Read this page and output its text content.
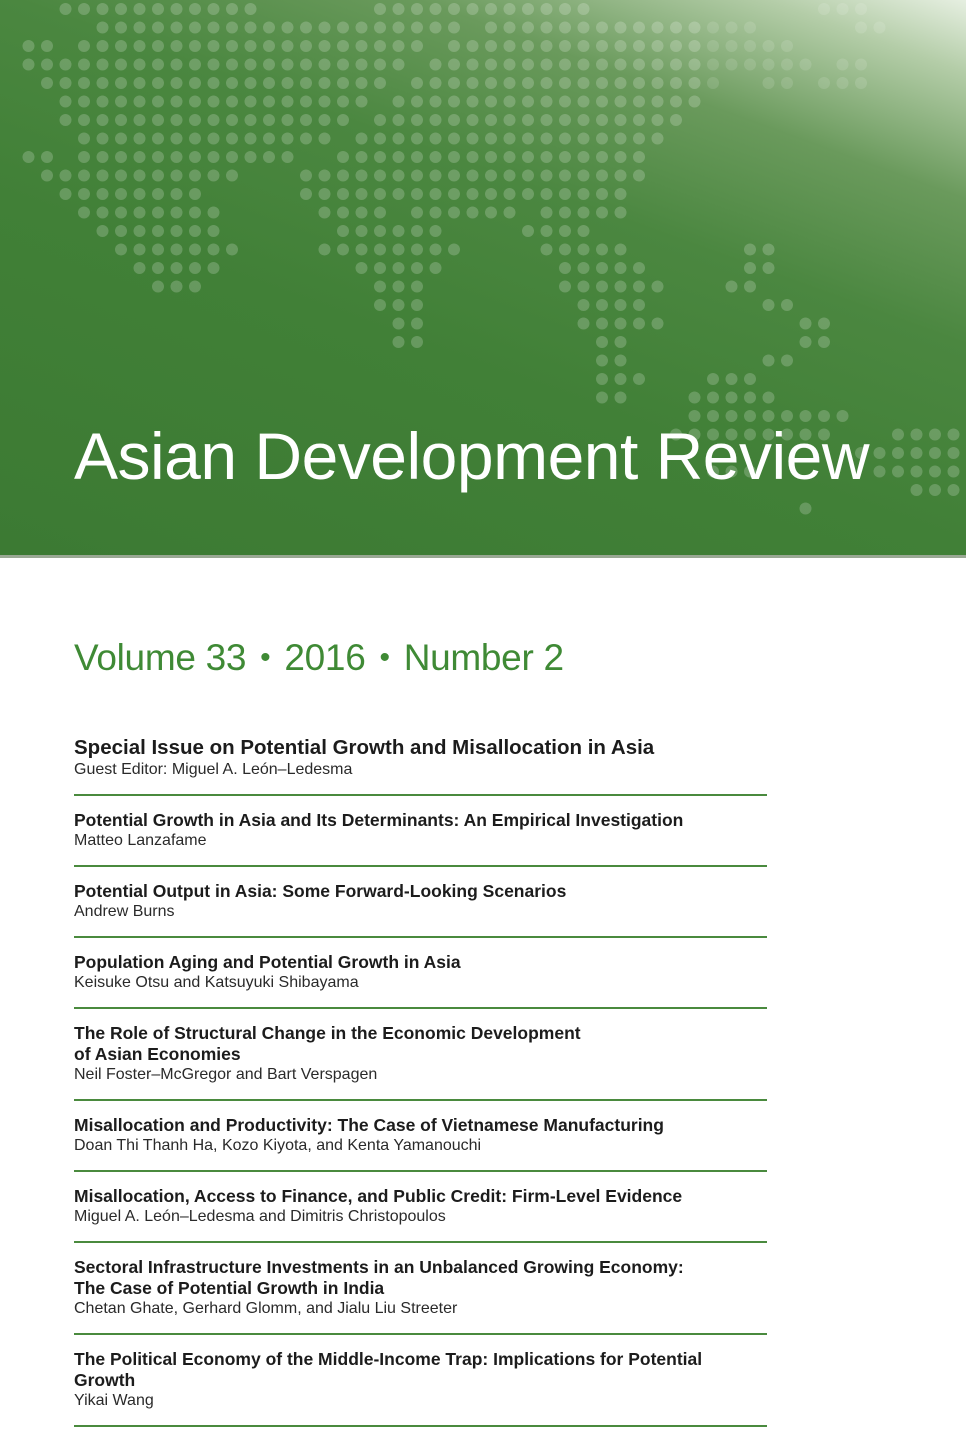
Asian Development Review
Volume 33 • 2016 • Number 2
Special Issue on Potential Growth and Misallocation in Asia
Guest Editor: Miguel A. León–Ledesma
Potential Growth in Asia and Its Determinants: An Empirical Investigation
Matteo Lanzafame
Potential Output in Asia: Some Forward-Looking Scenarios
Andrew Burns
Population Aging and Potential Growth in Asia
Keisuke Otsu and Katsuyuki Shibayama
The Role of Structural Change in the Economic Development
of Asian Economies
Neil Foster–McGregor and Bart Verspagen
Misallocation and Productivity: The Case of Vietnamese Manufacturing
Doan Thi Thanh Ha, Kozo Kiyota, and Kenta Yamanouchi
Misallocation, Access to Finance, and Public Credit: Firm-Level Evidence
Miguel A. León–Ledesma and Dimitris Christopoulos
Sectoral Infrastructure Investments in an Unbalanced Growing Economy:
The Case of Potential Growth in India
Chetan Ghate, Gerhard Glomm, and Jialu Liu Streeter
The Political Economy of the Middle-Income Trap: Implications for Potential Growth
Yikai Wang
